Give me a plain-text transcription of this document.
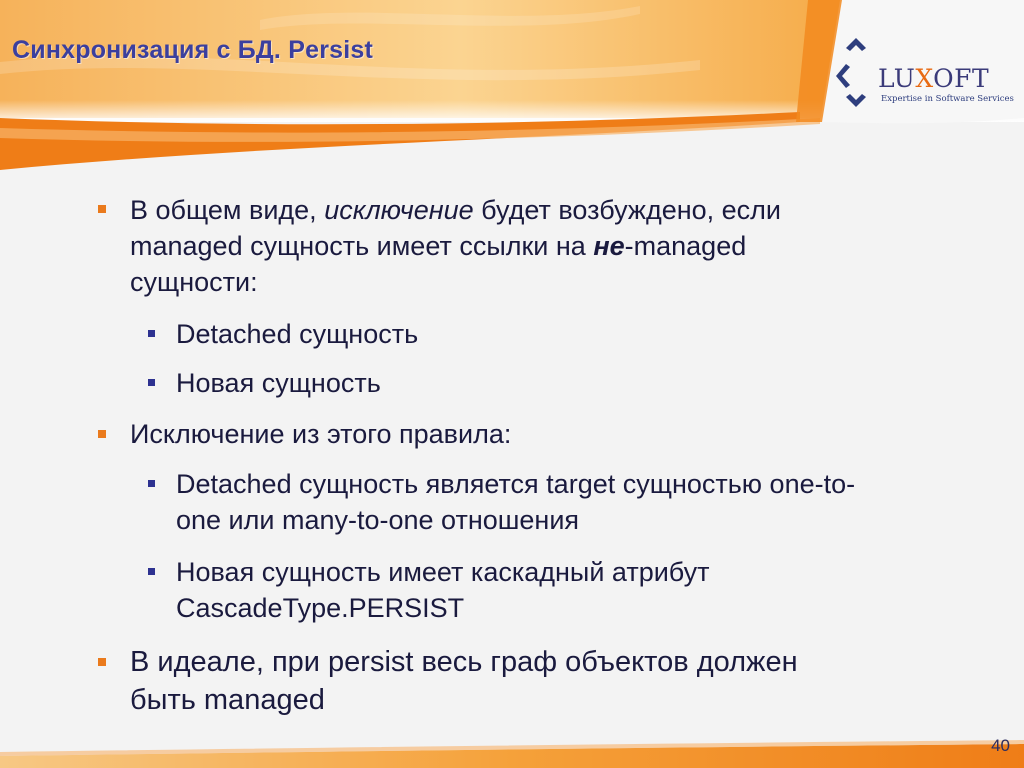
Синхронизация с БД. Persist
LUXOFT
Expertise in Software Services
В общем виде, исключение будет возбуждено, если
managed сущность имеет ссылки на не-managed
сущности:
Detached сущность
Новая сущность
Исключение из этого правила:
Detached сущность является target сущностью one-to-
one или many-to-one отношения
Новая сущность имеет каскадный атрибут
CascadeType.PERSIST
В идеале, при persist весь граф объектов должен
быть managed
40
